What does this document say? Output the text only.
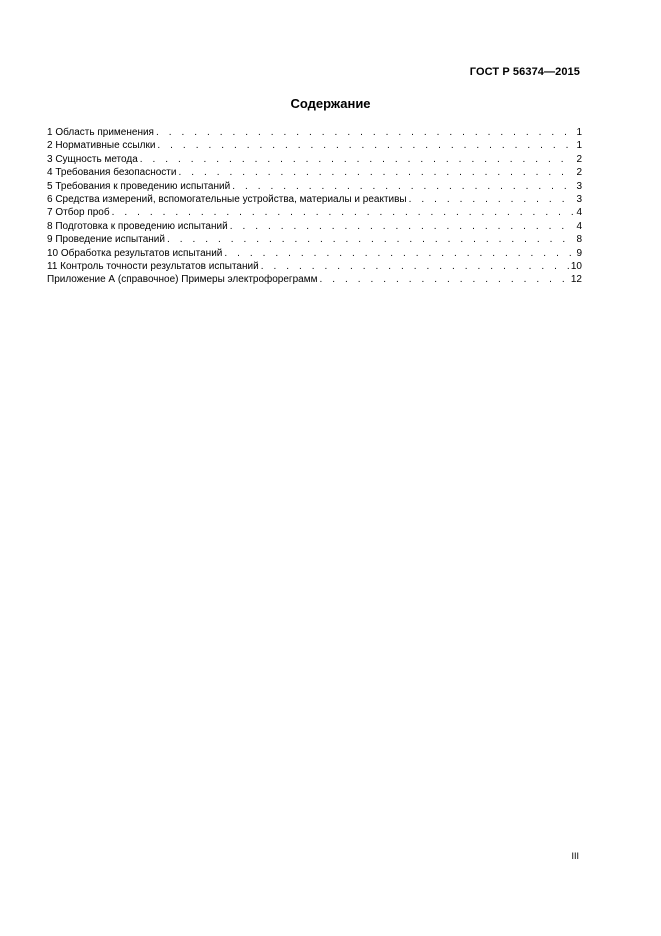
ГОСТ Р 56374—2015
Содержание
1 Область применения . . .	1
2 Нормативные ссылки . . .	1
3 Сущность метода . . .	2
4 Требования безопасности . . .	2
5 Требования к проведению испытаний . . .	3
6 Средства измерений, вспомогательные устройства, материалы и реактивы . . .	3
7 Отбор проб . . .	4
8 Подготовка к проведению испытаний . . .	4
9 Проведение испытаний . . .	8
10 Обработка результатов испытаний . . .	9
11 Контроль точности результатов испытаний . . .	10
Приложение А (справочное) Примеры электрофореграмм . . .	12
III
